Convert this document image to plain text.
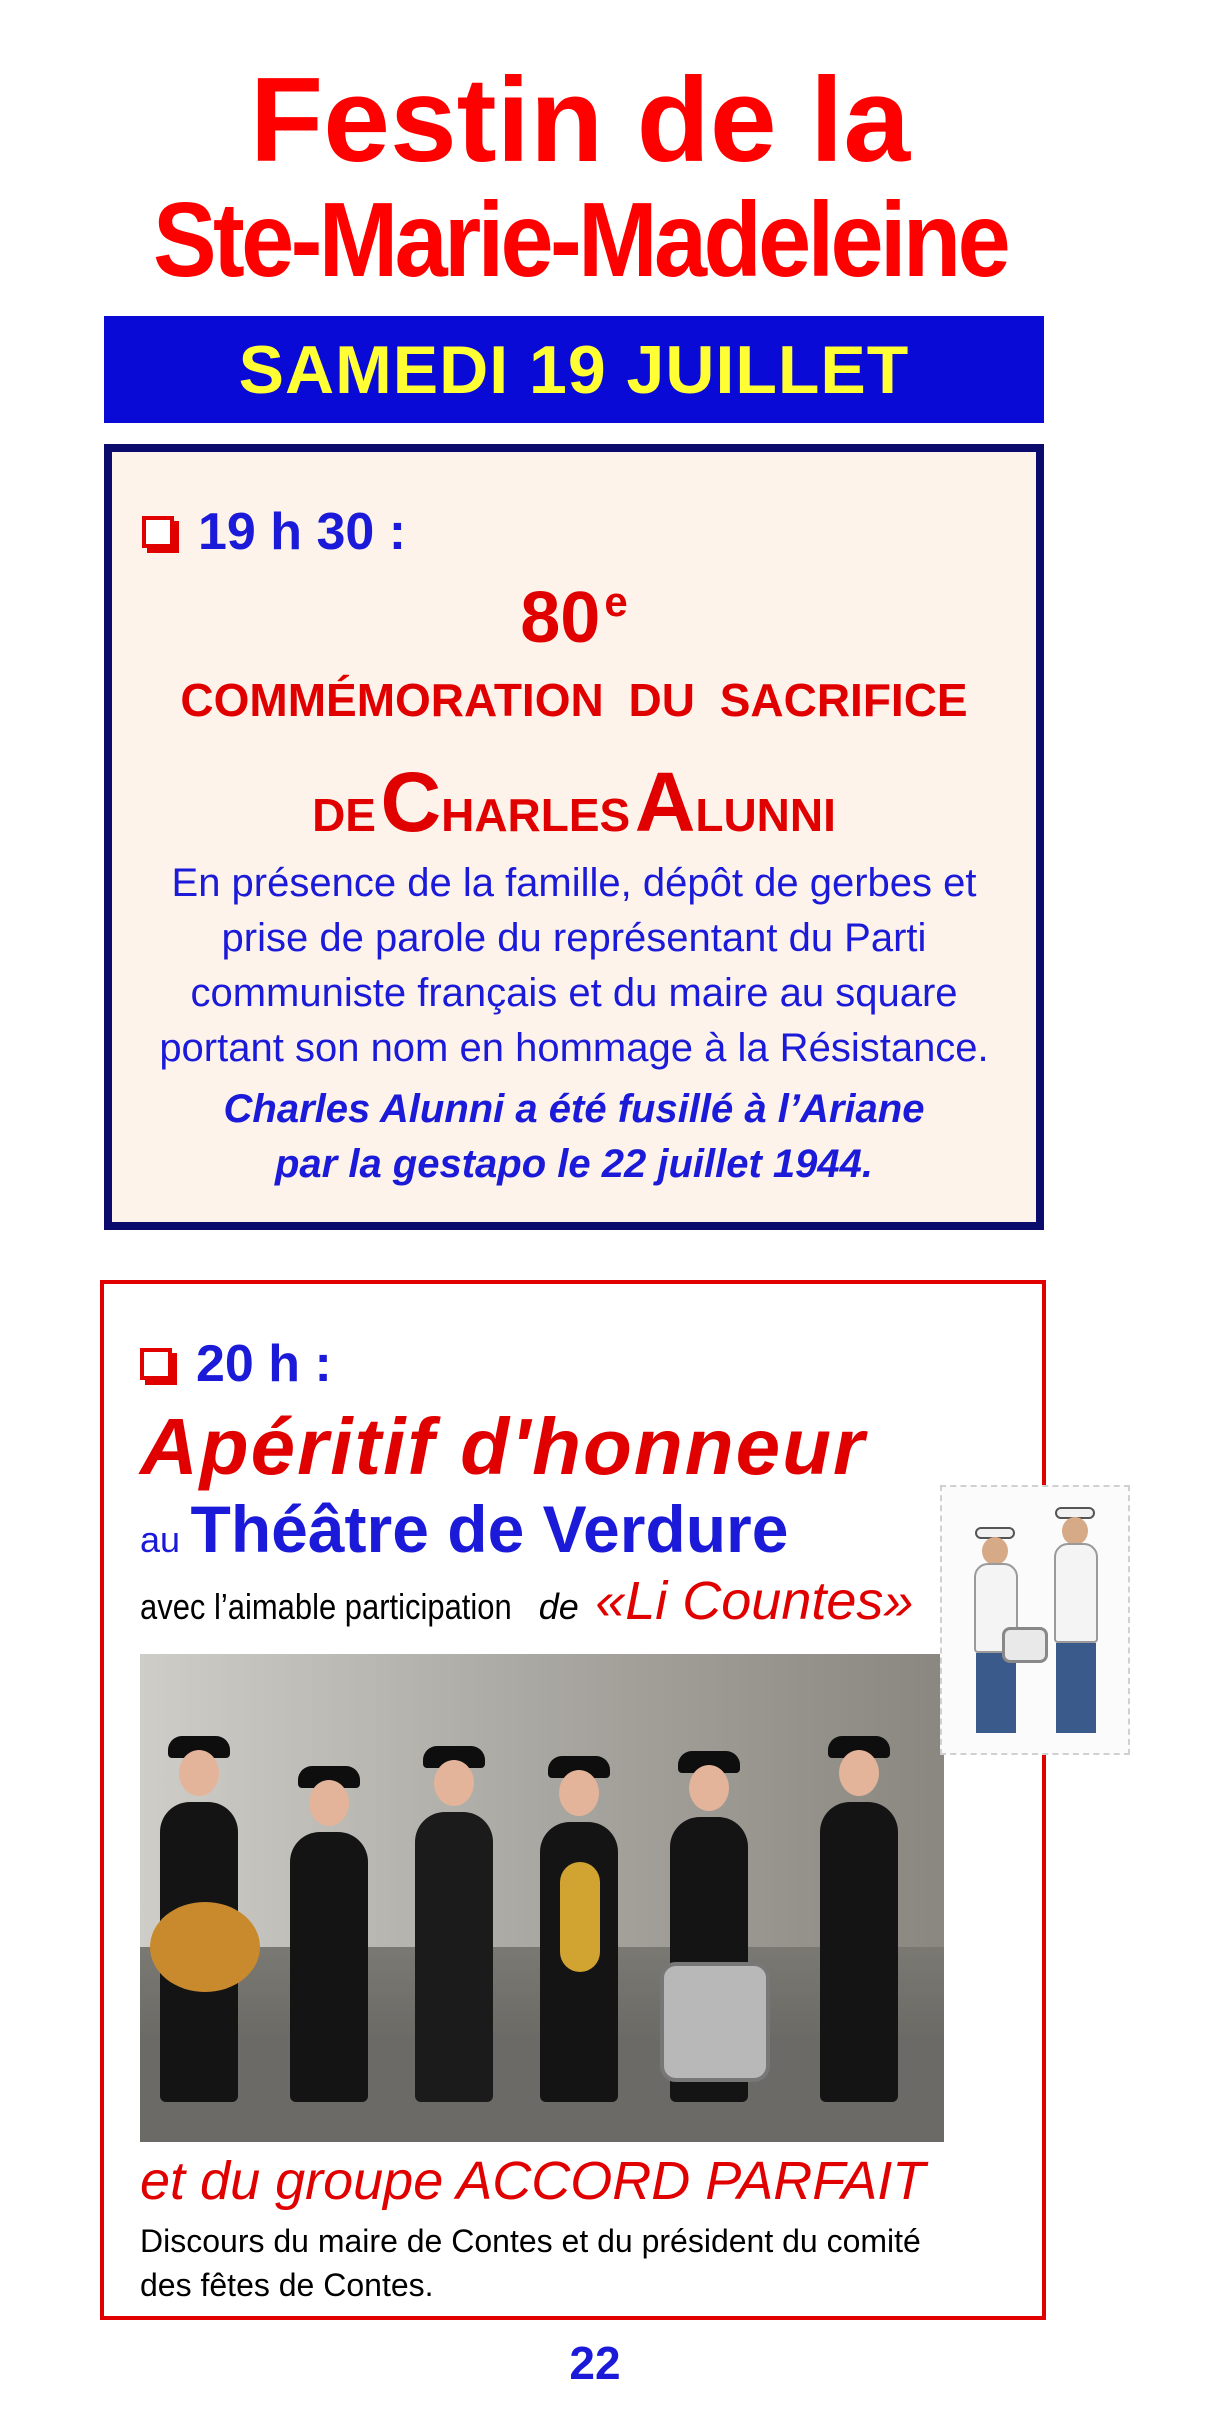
Festin de la
Ste-Marie-Madeleine
SAMEDI 19 JUILLET
19 h 30 :
80e
COMMÉMORATION DU SACRIFICE
DE CHARLES ALUNNI
En présence de la famille, dépôt de gerbes et
prise de parole du représentant du Parti
communiste français et du maire au square
portant son nom en hommage à la Résistance.
Charles Alunni a été fusillé à l’Ariane
par la gestapo le 22 juillet 1944.
20 h :
Apéritif d'honneur
au Théâtre de Verdure
avec l’aimable participation de «Li Countes»
et du groupe ACCORD PARFAIT
Discours du maire de Contes et du président du comité
des fêtes de Contes.
22
